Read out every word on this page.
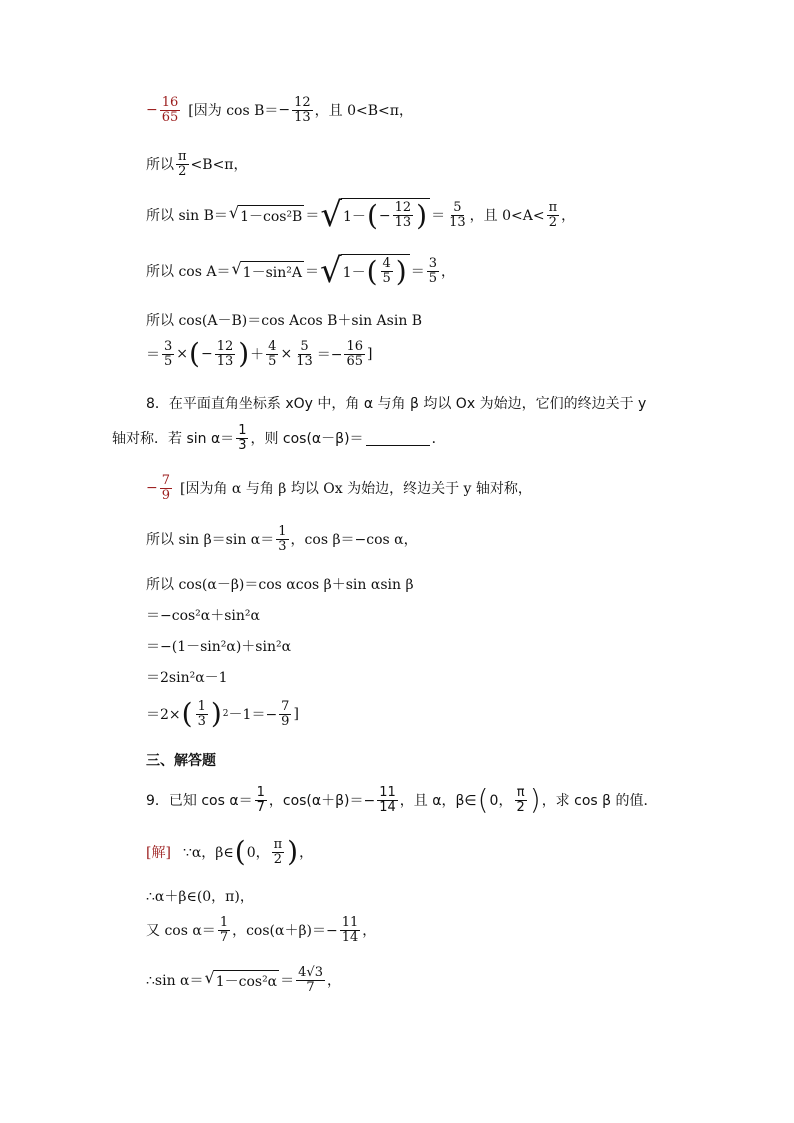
− $\frac{16}{65}$ [因为 $\cos B= - \frac{12}{13}$ ，且 0<B<π，
所以 $\frac{\pi}{2} <B<\pi$，
所以 sin B＝ √ 1－cos²B ＝ √ 1－ ( − $\frac{12}{13}$ ) ＝ $\frac{5}{13}$ ，且 $0<A< \frac{\pi}{2}$ ，
所以 cos A＝ √ 1－sin²A ＝ √ 1－ ( $\frac{4}{5}$ ) ＝ $\frac{3}{5}$ ，
所以 cos(A－B)＝cos Acos B＋sin Asin B
＝ $\frac{3}{5}$ × ( − $\frac{12}{13}$ ) ＋ $\frac{4}{5} \times \frac{5}{13} =- \frac{16}{65}$ ]
8．在平面直角坐标系 xOy 中，角 α 与角 β 均以 Ox 为始边，它们的终边关于 y
轴对称．若 $\sin \alpha= \frac{1}{3}$ ，则 cos(α－β)＝	．
− $\frac{7}{9}$ [因为角 α 与角 β 均以 Ox 为始边，终边关于 y 轴对称，
所以 sin β＝sin $\alpha= \frac{1}{3}$ ，cos β＝−cos α，
所以 cos(α－β)＝cos αcos β＋sin αsin β
＝−cos²α＋sin²α
＝−(1－sin²α)＋sin²α
＝2sin²α－1
＝2× ( $\frac{1}{3}$ ) $2 -1=- \frac{7}{9}$ ]
三、解答题
9．已知 $\cos \alpha= \frac{1}{7}$ ，$\cos(\alpha+\beta)=- \frac{11}{14}$ ，且 α，β∈ ( 0， $\frac{\pi}{2}$ ) ，求 cos β 的值．
[解] ∵α，β∈ ( 0， $\frac{\pi}{2}$ ) ，
∴α＋β∈(0，π)，
又 $\cos \alpha= \frac{1}{7}$ ，$\cos(\alpha+\beta)=- \frac{11}{14}$ ，
∴sin α＝ √ $1-\cos^2\alpha = \frac{4√3}{7}$ ，
